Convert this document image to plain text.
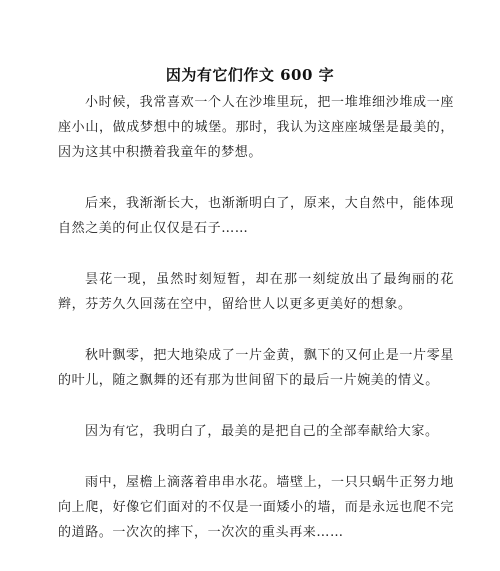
因为有它们作文 600 字

小时候，我常喜欢一个人在沙堆里玩，把一堆堆细沙堆成一座座小山，做成梦想中的城堡。那时，我认为这座座城堡是最美的，因为这其中积攒着我童年的梦想。

后来，我渐渐长大，也渐渐明白了，原来，大自然中，能体现自然之美的何止仅仅是石子……

昙花一现，虽然时刻短暂，却在那一刻绽放出了最绚丽的花辫，芬芳久久回荡在空中，留给世人以更多更美好的想象。

秋叶飘零，把大地染成了一片金黄，飘下的又何止是一片零星的叶儿，随之飘舞的还有那为世间留下的最后一片婉美的情义。

因为有它，我明白了，最美的是把自己的全部奉献给大家。

雨中，屋檐上滴落着串串水花。墙壁上，一只只蜗牛正努力地向上爬，好像它们面对的不仅是一面矮小的墙，而是永远也爬不完的道路。一次次的摔下，一次次的重头再来……
